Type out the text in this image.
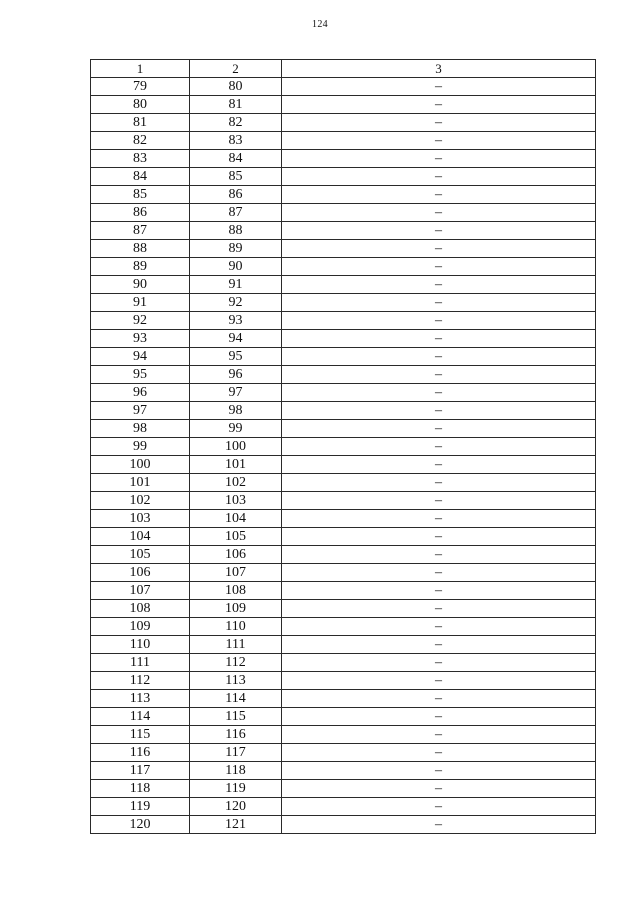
124
1	2	3
79	80	–
80	81	–
81	82	–
82	83	–
83	84	–
84	85	–
85	86	–
86	87	–
87	88	–
88	89	–
89	90	–
90	91	–
91	92	–
92	93	–
93	94	–
94	95	–
95	96	–
96	97	–
97	98	–
98	99	–
99	100	–
100	101	–
101	102	–
102	103	–
103	104	–
104	105	–
105	106	–
106	107	–
107	108	–
108	109	–
109	110	–
110	111	–
111	112	–
112	113	–
113	114	–
114	115	–
115	116	–
116	117	–
117	118	–
118	119	–
119	120	–
120	121	–
